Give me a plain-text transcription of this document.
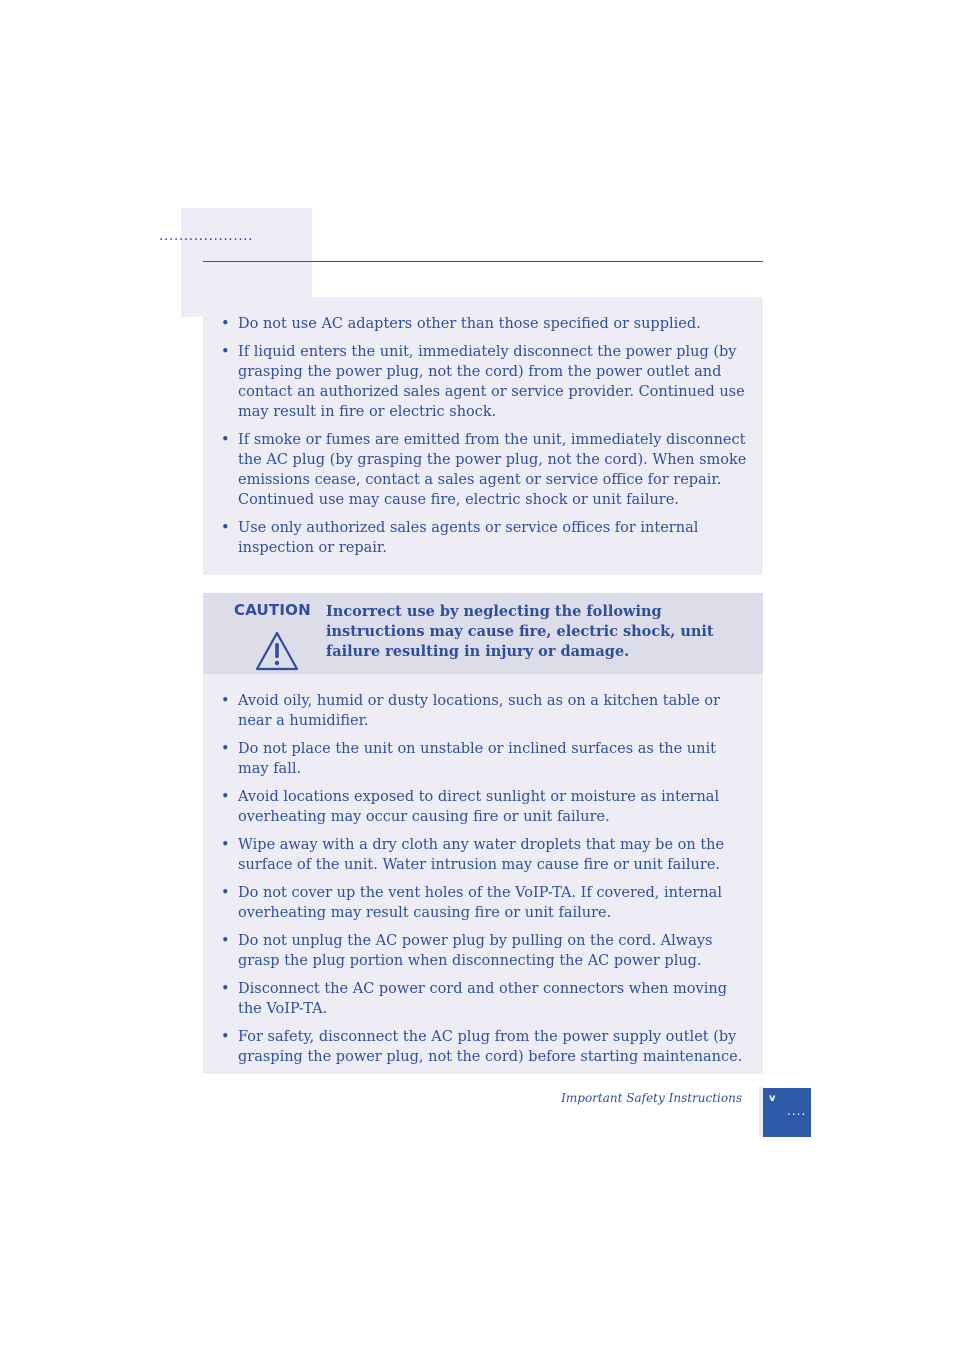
...................
• Do not use AC adapters other than those specified or supplied.
• If liquid enters the unit, immediately disconnect the power plug (by grasping the power plug, not the cord) from the power outlet and contact an authorized sales agent or service provider. Continued use may result in fire or electric shock.
• If smoke or fumes are emitted from the unit, immediately disconnect the AC plug (by grasping the power plug, not the cord). When smoke emissions cease, contact a sales agent or service office for repair. Continued use may cause fire, electric shock or unit failure.
• Use only authorized sales agents or service offices for internal inspection or repair.
CAUTION Incorrect use by neglecting the following instructions may cause fire, electric shock, unit failure resulting in injury or damage.
• Avoid oily, humid or dusty locations, such as on a kitchen table or near a humidifier.
• Do not place the unit on unstable or inclined surfaces as the unit may fall.
• Avoid locations exposed to direct sunlight or moisture as internal overheating may occur causing fire or unit failure.
• Wipe away with a dry cloth any water droplets that may be on the surface of the unit. Water intrusion may cause fire or unit failure.
• Do not cover up the vent holes of the VoIP-TA. If covered, internal overheating may result causing fire or unit failure.
• Do not unplug the AC power plug by pulling on the cord. Always grasp the plug portion when disconnecting the AC power plug.
• Disconnect the AC power cord and other connectors when moving the VoIP-TA.
• For safety, disconnect the AC plug from the power supply outlet (by grasping the power plug, not the cord) before starting maintenance.
Important Safety Instructions	v
....
